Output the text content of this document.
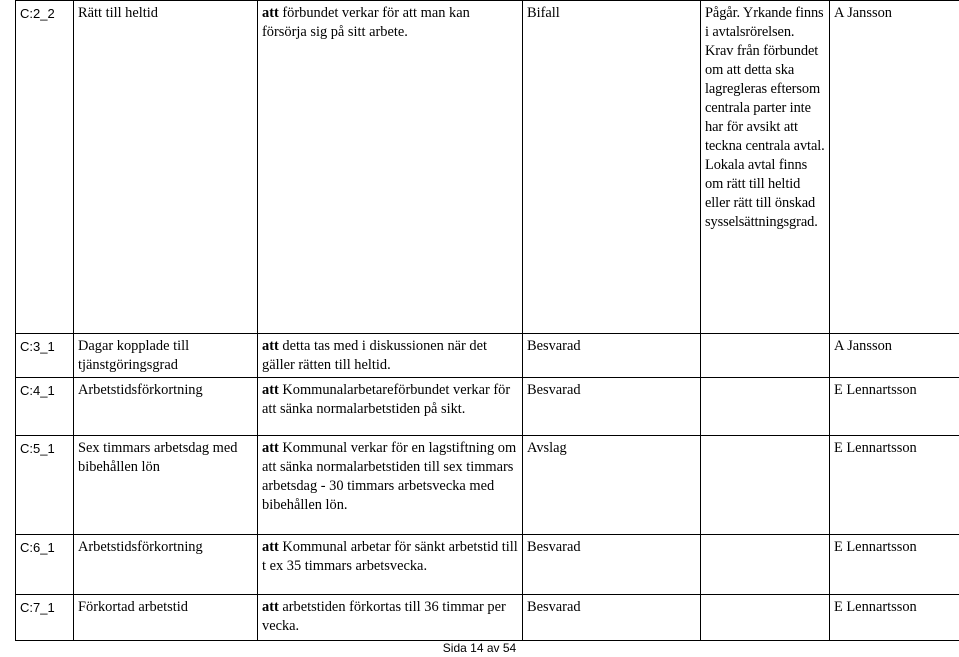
C:2_2	Rätt till heltid	att förbundet verkar för att man kan försörja sig på sitt arbete.	Bifall	Pågår. Yrkande finns i avtalsrörelsen. Krav från förbundet om att detta ska lagregleras eftersom centrala parter inte har för avsikt att teckna centrala avtal. Lokala avtal finns om rätt till heltid eller rätt till önskad sysselsättningsgrad.	A Jansson
C:3_1	Dagar kopplade till tjänstgöringsgrad	att detta tas med i diskussionen när det gäller rätten till heltid.	Besvarad		A Jansson
C:4_1	Arbetstidsförkortning	att Kommunalarbetareförbundet verkar för att sänka normalarbetstiden på sikt.	Besvarad		E Lennartsson
C:5_1	Sex timmars arbetsdag med bibehållen lön	att Kommunal verkar för en lagstiftning om att sänka normalarbetstiden till sex timmars arbetsdag - 30 timmars arbetsvecka med bibehållen lön.	Avslag		E Lennartsson
C:6_1	Arbetstidsförkortning	att Kommunal arbetar för sänkt arbetstid till t ex 35 timmars arbetsvecka.	Besvarad		E Lennartsson
C:7_1	Förkortad arbetstid	att arbetstiden förkortas till 36 timmar per vecka.	Besvarad		E Lennartsson
Sida 14 av 54
